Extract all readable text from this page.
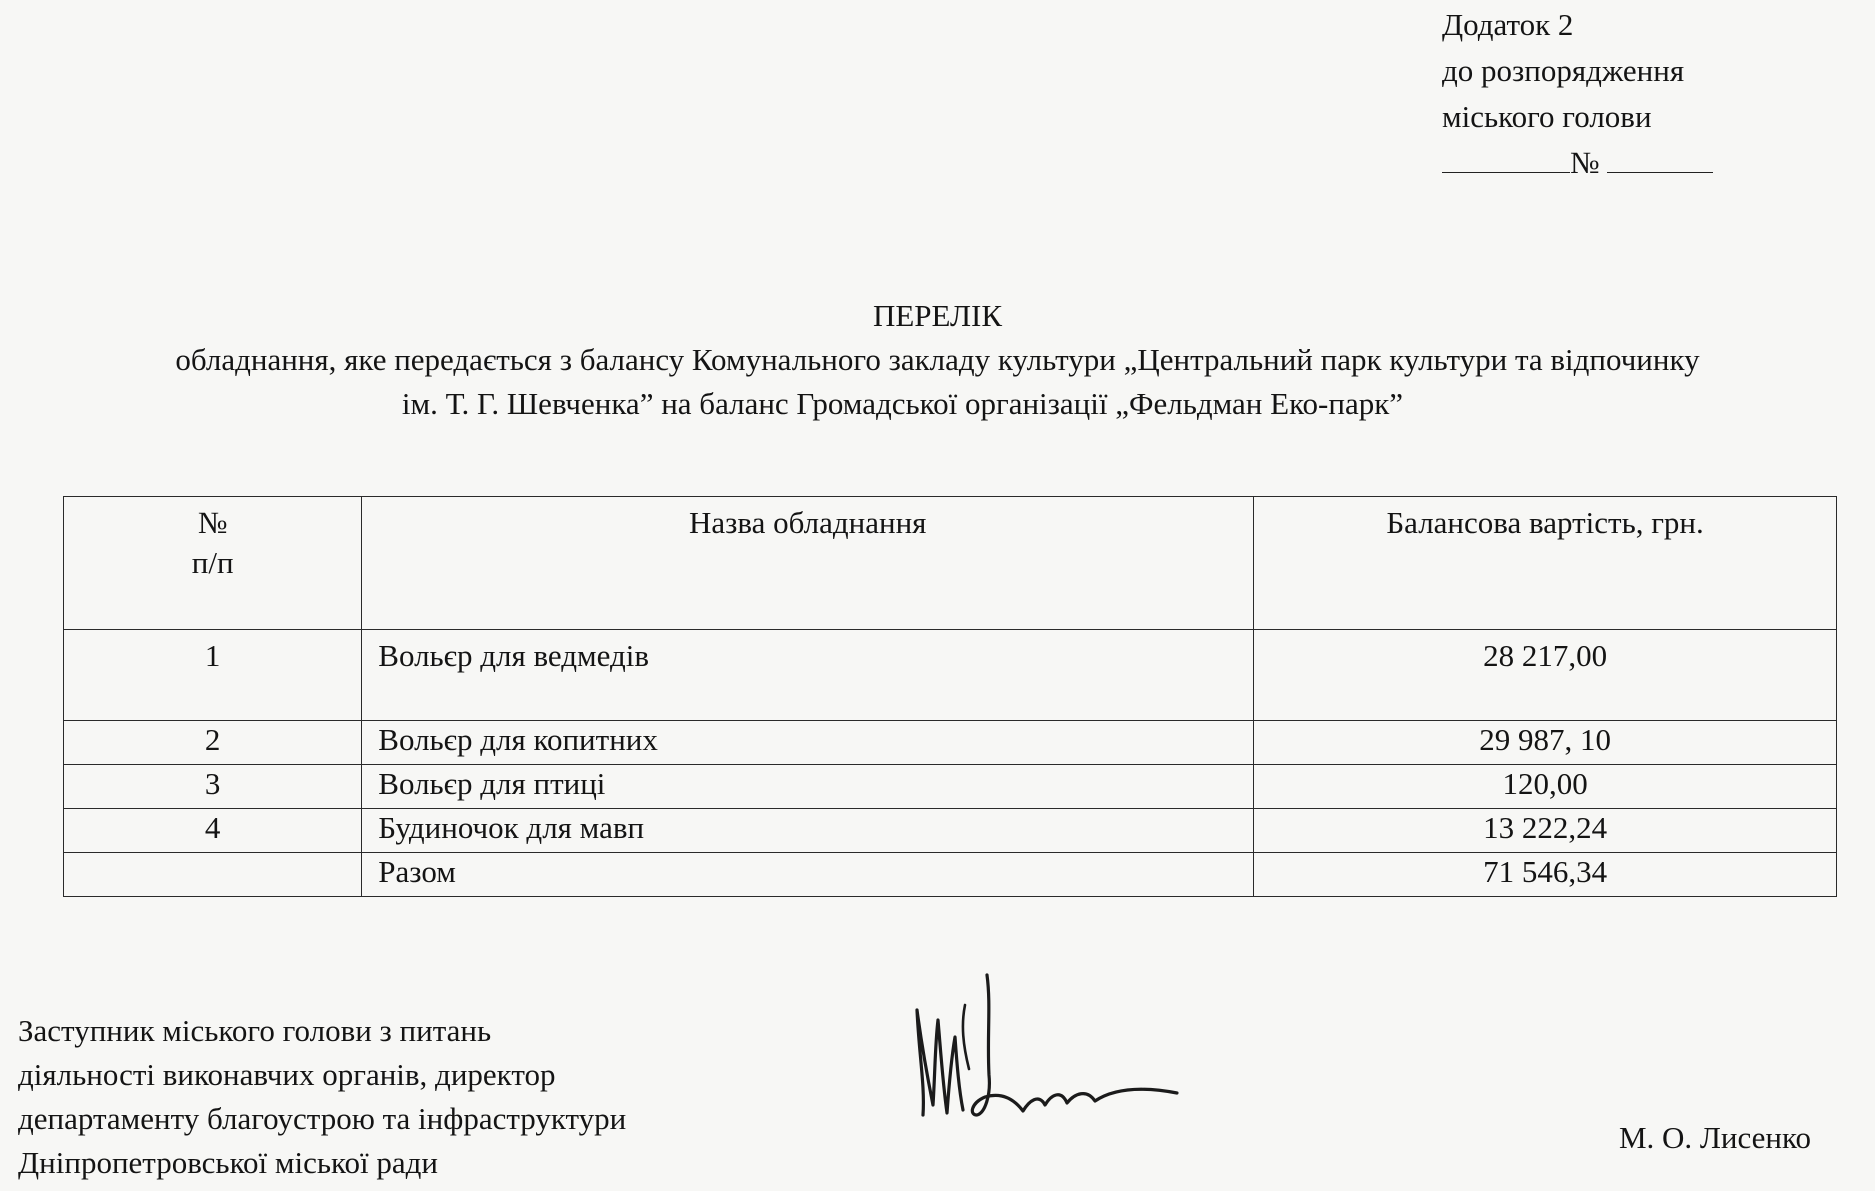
Додаток 2
до розпорядження
міського голови
№
ПЕРЕЛІК
обладнання, яке передається з балансу Комунального закладу культури „Центральний парк культури та відпочинку
ім. Т. Г. Шевченка” на баланс Громадської організації „Фельдман Еко-парк”
№
п/п	Назва обладнання	Балансова вартість, грн.
1	Вольєр для ведмедів	28 217,00
2	Вольєр для копитних	29 987, 10
3	Вольєр для птиці	120,00
4	Будиночок для мавп	13 222,24
	Разом	71 546,34
Заступник міського голови з питань
діяльності виконавчих органів, директор
департаменту благоустрою та інфраструктури
Дніпропетровської міської ради
М. О. Лисенко
